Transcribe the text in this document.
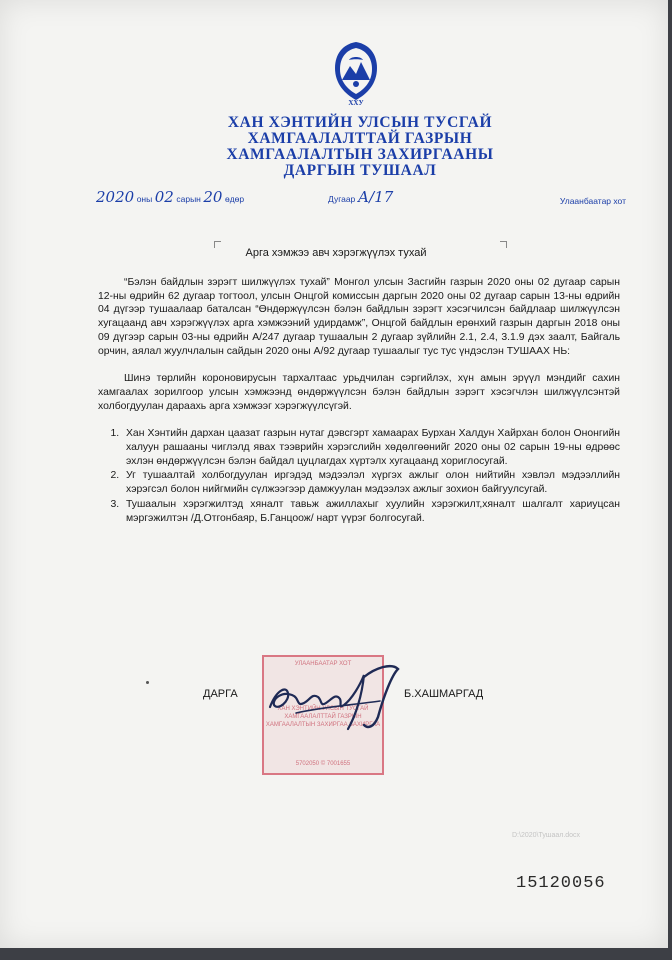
ХХУ
ХАН ХЭНТИЙН УЛСЫН ТУСГАЙ
ХАМГААЛАЛТТАЙ ГАЗРЫН
ХАМГААЛАЛТЫН ЗАХИРГААНЫ
ДАРГЫН ТУШААЛ
2020 оны 02 сарын 20 өдөр	Дугаар А/17	Улаанбаатар хот
Арга хэмжээ авч хэрэгжүүлэх тухай

“Бэлэн байдлын зэрэгт шилжүүлэх тухай” Монгол улсын Засгийн газрын 2020 оны 02 дугаар сарын 12-ны өдрийн 62 дугаар тогтоол, улсын Онцгой комиссын даргын 2020 оны 02 дугаар сарын 13-ны өдрийн 04 дүгээр тушаалаар баталсан “Өндөржүүлсэн бэлэн байдлын зэрэгт хэсэгчилсэн байдлаар шилжүүлсэн хугацаанд авч хэрэгжүүлэх арга хэмжээний удирдамж”, Онцгой байдлын ерөнхий газрын даргын 2018 оны 09 дүгээр сарын 03-ны өдрийн А/247 дугаар тушаалын 2 дугаар зүйлийн 2.1, 2.4, 3.1.9 дэх заалт, Байгаль орчин, аялал жуулчлалын сайдын 2020 оны А/92 дугаар тушаалыг тус тус үндэслэн ТУШААХ НЬ:

Шинэ төрлийн короновирусын тархалтаас урьдчилан сэргийлэх, хүн амын эрүүл мэндийг сахин хамгаалах зорилгоор улсын хэмжээнд өндөржүүлсэн бэлэн байдлын зэрэгт хэсэгчлэн шилжүүлсэнтэй холбогдуулан дараахь арга хэмжээг хэрэгжүүлсүгэй.

1. Хан Хэнтийн дархан цаазат газрын нутаг дэвсгэрт хамаарах Бурхан Халдун Хайрхан болон Ононгийн халуун рашааны чиглэлд явах тээврийн хэрэгслийн хөдөлгөөнийг 2020 оны 02 сарын 19-ны өдрөөс эхлэн өндөржүүлсэн бэлэн байдал цуцлагдах хүртэлх хугацаанд хориглосугай.
2. Уг тушаалтай холбогдуулан иргэдэд мэдээлэл хүргэх ажлыг олон нийтийн хэвлэл мэдээллийн хэрэгсэл болон нийгмийн сүлжээгээр дамжуулан мэдээлэх ажлыг зохион байгуулсугай.
3. Тушаалын хэрэгжилтэд хяналт тавьж ажиллахыг хуулийн хэрэгжилт,хяналт шалгалт хариуцсан мэргэжилтэн /Д.Отгонбаяр, Б.Ганцоож/ нарт үүрэг болгосугай.
УЛААНБААТАР ХОТ
ХАН ХЭНТИЙН УЛСЫН ТУСГАЙ ХАМГААЛАЛТТАЙ ГАЗРЫН ХАМГААЛАЛТЫН ЗАХИРГАА ЗАХИРГАА
5702050 © 7001655
ДАРГА	Б.ХАШМАРГАД
D:\2020\Тушаал.docx
15120056
